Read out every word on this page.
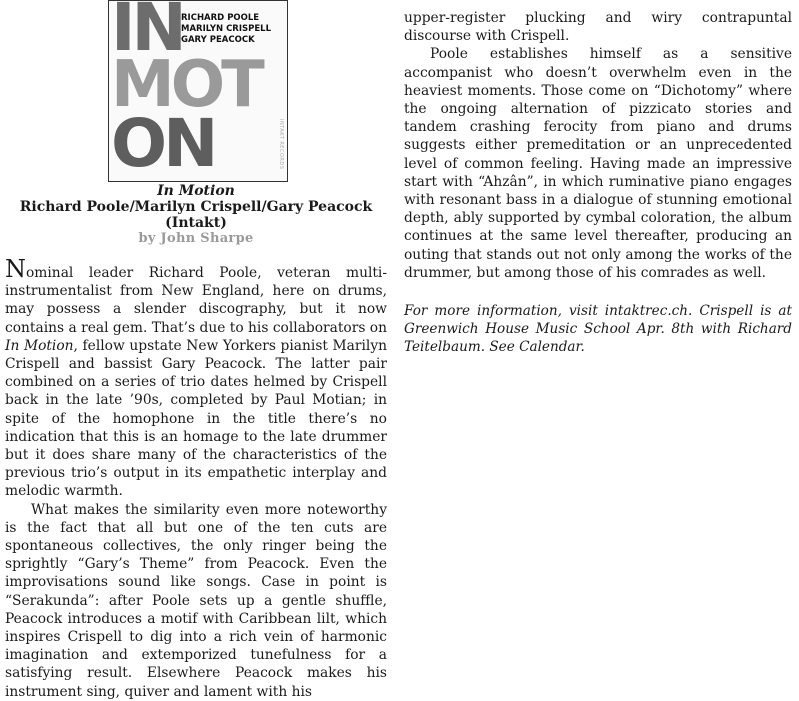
IN
MOT
ON
RICHARD POOLE
MARILYN CRISPELL
GARY PEACOCK
INTAKT RECORDS
In Motion
Richard Poole/Marilyn Crispell/Gary Peacock
(Intakt)
by John Sharpe

Nominal leader Richard Poole, veteran multi-instrumentalist from New England, here on drums, may possess a slender discography, but it now contains a real gem. That’s due to his collaborators on In Motion, fellow upstate New Yorkers pianist Marilyn Crispell and bassist Gary Peacock. The latter pair combined on a series of trio dates helmed by Crispell back in the late ’90s, completed by Paul Motian; in spite of the homophone in the title there’s no indication that this is an homage to the late drummer but it does share many of the characteristics of the previous trio’s output in its empathetic interplay and melodic warmth.

What makes the similarity even more noteworthy is the fact that all but one of the ten cuts are spontaneous collectives, the only ringer being the sprightly “Gary’s Theme” from Peacock. Even the improvisations sound like songs. Case in point is “Serakunda”: after Poole sets up a gentle shuffle, Peacock introduces a motif with Caribbean lilt, which inspires Crispell to dig into a rich vein of harmonic imagination and extemporized tunefulness for a satisfying result. Elsewhere Peacock makes his instrument sing, quiver and lament with his

upper-register plucking and wiry contrapuntal discourse with Crispell.

Poole establishes himself as a sensitive accompanist who doesn’t overwhelm even in the heaviest moments. Those come on “Dichotomy” where the ongoing alternation of pizzicato stories and tandem crashing ferocity from piano and drums suggests either premeditation or an unprecedented level of common feeling. Having made an impressive start with “Ahzân”, in which ruminative piano engages with resonant bass in a dialogue of stunning emotional depth, ably supported by cymbal coloration, the album continues at the same level thereafter, producing an outing that stands out not only among the works of the drummer, but among those of his comrades as well.

For more information, visit intaktrec.ch. Crispell is at Greenwich House Music School Apr. 8th with Richard Teitelbaum. See Calendar.
